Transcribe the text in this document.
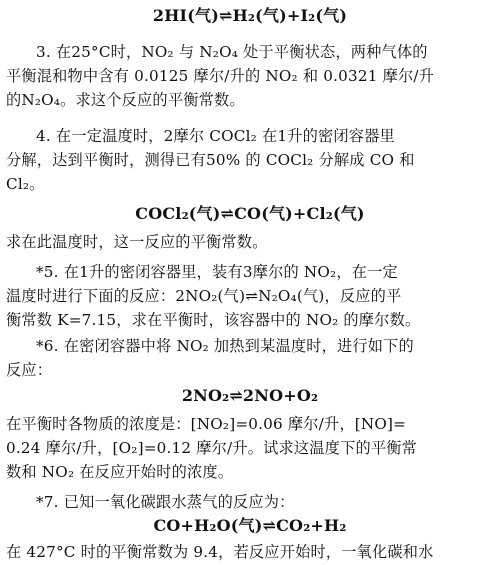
2HI(气)⇌H₂(气)+I₂(气)
3. 在25°C时，NO₂ 与 N₂O₄ 处于平衡状态，两种气体的
平衡混和物中含有 0.0125 摩尔/升的 NO₂ 和 0.0321 摩尔/升
的N₂O₄。求这个反应的平衡常数。
4. 在一定温度时，2摩尔 COCl₂ 在1升的密闭容器里
分解，达到平衡时，测得已有50% 的 COCl₂ 分解成 CO 和
Cl₂。
COCl₂(气)⇌CO(气)+Cl₂(气)
求在此温度时，这一反应的平衡常数。
*5. 在1升的密闭容器里，装有3摩尔的 NO₂，在一定
温度时进行下面的反应：2NO₂(气)⇌N₂O₄(气)，反应的平
衡常数 K=7.15，求在平衡时，该容器中的 NO₂ 的摩尔数。
*6. 在密闭容器中将 NO₂ 加热到某温度时，进行如下的
反应：
2NO₂⇌2NO+O₂
在平衡时各物质的浓度是：[NO₂]=0.06 摩尔/升，[NO]=
0.24 摩尔/升，[O₂]=0.12 摩尔/升。试求这温度下的平衡常
数和 NO₂ 在反应开始时的浓度。
*7. 已知一氧化碳跟水蒸气的反应为：
CO+H₂O(气)⇌CO₂+H₂
在 427°C 时的平衡常数为 9.4，若反应开始时，一氧化碳和水
